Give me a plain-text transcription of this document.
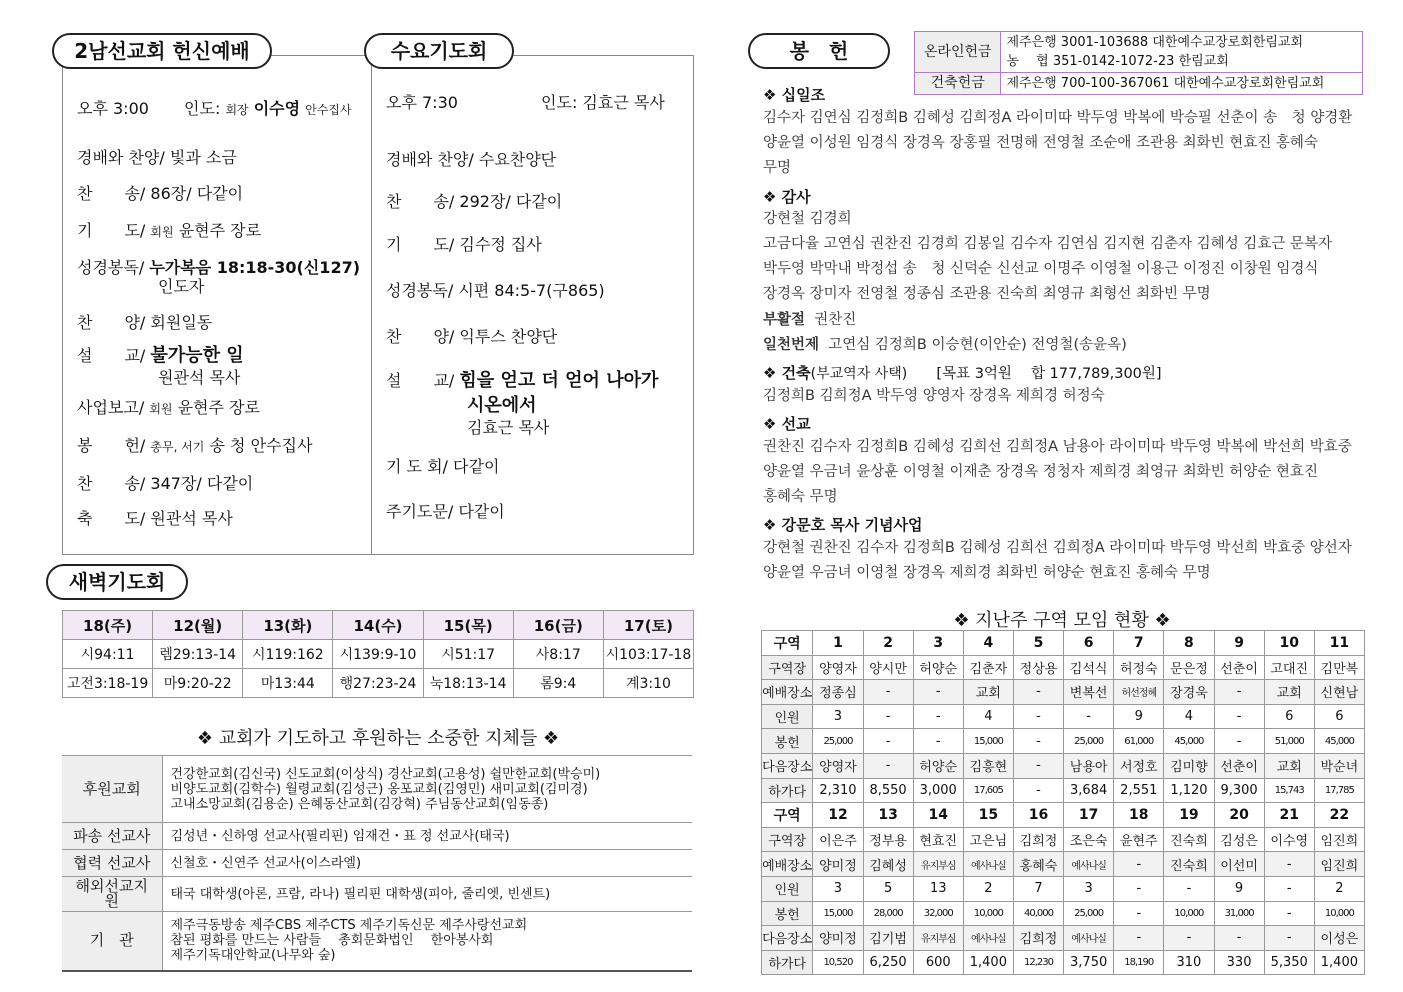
2남선교회 헌신예배	수요기도회
오후 3:00 인도: 회장 이수영 안수집사
경배와 찬양/ 빛과 소금
찬　　송/ 86장/ 다같이
기　　도/ 회원 윤현주 장로
성경봉독/ 누가복음 18:18-30(신127)
인도자
찬　　양/ 회원일동
설　　교/ 불가능한 일
원관석 목사
사업보고/ 회원 윤현주 장로
봉　　헌/ 총무, 서기 송 청 안수집사
찬　　송/ 347장/ 다같이
축　　도/ 원관석 목사
오후 7:30	인도: 김효근 목사
경배와 찬양/ 수요찬양단
찬　　송/ 292장/ 다같이
기　　도/ 김수정 집사
성경봉독/ 시편 84:5-7(구865)
찬　　양/ 익투스 찬양단
설　　교/ 힘을 얻고 더 얻어 나아가
시온에서
김효근 목사
기 도 회/ 다같이
주기도문/ 다같이
새벽기도회
18(주)	12(월)	13(화)	14(수)	15(목)	16(금)	17(토)
시94:11	렘29:13-14	시119:162	시139:9-10	시51:17	사8:17	시103:17-18
고전3:18-19	마9:20-22	마13:44	행27:23-24	눅18:13-14	롬9:4	계3:10
❖ 교회가 기도하고 후원하는 소중한 지체들 ❖
후원교회	건강한교회(김신국) 신도교회(이상식) 경산교회(고용성) 쉴만한교회(박승미)
비양도교회(김학수) 월령교회(김성근) 옹포교회(김영민) 새미교회(김미경)
고내소망교회(김용순) 은혜동산교회(김강혁) 주님동산교회(임동종)

파송 선교사	김성년・신하영 선교사(필리핀) 임재건・표 정 선교사(태국)
협력 선교사	신철호・신연주 선교사(이스라엘)
해외선교지원	태국 대학생(아론, 프람, 라나) 필리핀 대학생(피아, 줄리엣, 빈센트)
기　관	제주극동방송 제주CBS 제주CTS 제주기독신문 제주사랑선교회
참된 평화를 만드는 사람들　 총회문화법인　 한아봉사회
제주기독대안학교(나무와 숲)
봉　헌	온라인헌금	제주은행 3001-103688 대한예수교장로회한림교회
농　 협 351-0142-1072-23 한림교회

건축헌금	제주은행 700-100-367061 대한예수교장로회한림교회
❖ 십일조
김수자 김연심 김정희B 김혜성 김희정A 라이미따 박두영 박복에 박승필 선춘이 송　청 양경환
양윤열 이성원 임경식 장경옥 장홍필 전명해 전영철 조순애 조관용 최화빈 현효진 홍혜숙
무명
❖ 감사
강현철 김경희
고금다율 고연심 권찬진 김경희 김봉일 김수자 김연심 김지현 김춘자 김혜성 김효근 문복자
박두영 박막내 박정섭 송　청 신덕순 신선교 이명주 이영철 이용근 이정진 이창원 임경식
장경옥 장미자 전영철 정종심 조관용 진숙희 최영규 최형선 최화빈 무명
부활절 권찬진
일천번제 고연심 김정희B 이승현(이안순) 전영철(송윤옥)
❖ 건축(부교역자 사택) [목표 3억원　 합 177,789,300원]
김정희B 김희정A 박두영 양영자 장경옥 제희경 허정숙
❖ 선교
권찬진 김수자 김정희B 김혜성 김희선 김희정A 남용아 라이미따 박두영 박복에 박선희 박효중
양윤열 우금녀 윤상훈 이영철 이재춘 장경옥 정청자 제희경 최영규 최화빈 허양순 현효진
홍혜숙 무명
❖ 강문호 목사 기념사업
강현철 권찬진 김수자 김정희B 김혜성 김희선 김희정A 라이미따 박두영 박선희 박효중 양선자
양윤열 우금녀 이영철 장경옥 제희경 최화빈 허양순 현효진 홍혜숙 무명
❖ 지난주 구역 모임 현황 ❖
구역	1	2	3	4	5	6	7	8	9	10	11
구역장	양영자	양시만	허양순	김춘자	정상용	김석식	허정숙	문은정	선춘이	고대진	김만복
예배장소	정종심	-	-	교회	-	변복선	허선정혜	장경욱	-	교회	신현남
인원	3	-	-	4	-	-	9	4	-	6	6
봉헌	25,000	-	-	15,000	-	25,000	61,000	45,000	-	51,000	45,000
다음장소	양영자	-	허양순	김흥현	-	남용아	서정호	김미향	선춘이	교회	박순녀
하가다	2,310	8,550	3,000	17,605	-	3,684	2,551	1,120	9,300	15,743	17,785
구역	12	13	14	15	16	17	18	19	20	21	22
구역장	이은주	정부용	현효진	고은님	김희정	조은숙	윤현주	진숙희	김성은	이수영	임진희
예배장소	양미정	김혜성	유지부심	예사나실	홍혜숙	예사나실	-	진숙희	이선미	-	임진희
인원	3	5	13	2	7	3	-	-	9	-	2
봉헌	15,000	28,000	32,000	10,000	40,000	25,000	-	10,000	31,000	-	10,000
다음장소	양미정	김기범	유지부심	예사나실	김희정	예사나실	-	-	-	-	이성은
하가다	10,520	6,250	600	1,400	12,230	3,750	18,190	310	330	5,350	1,400
